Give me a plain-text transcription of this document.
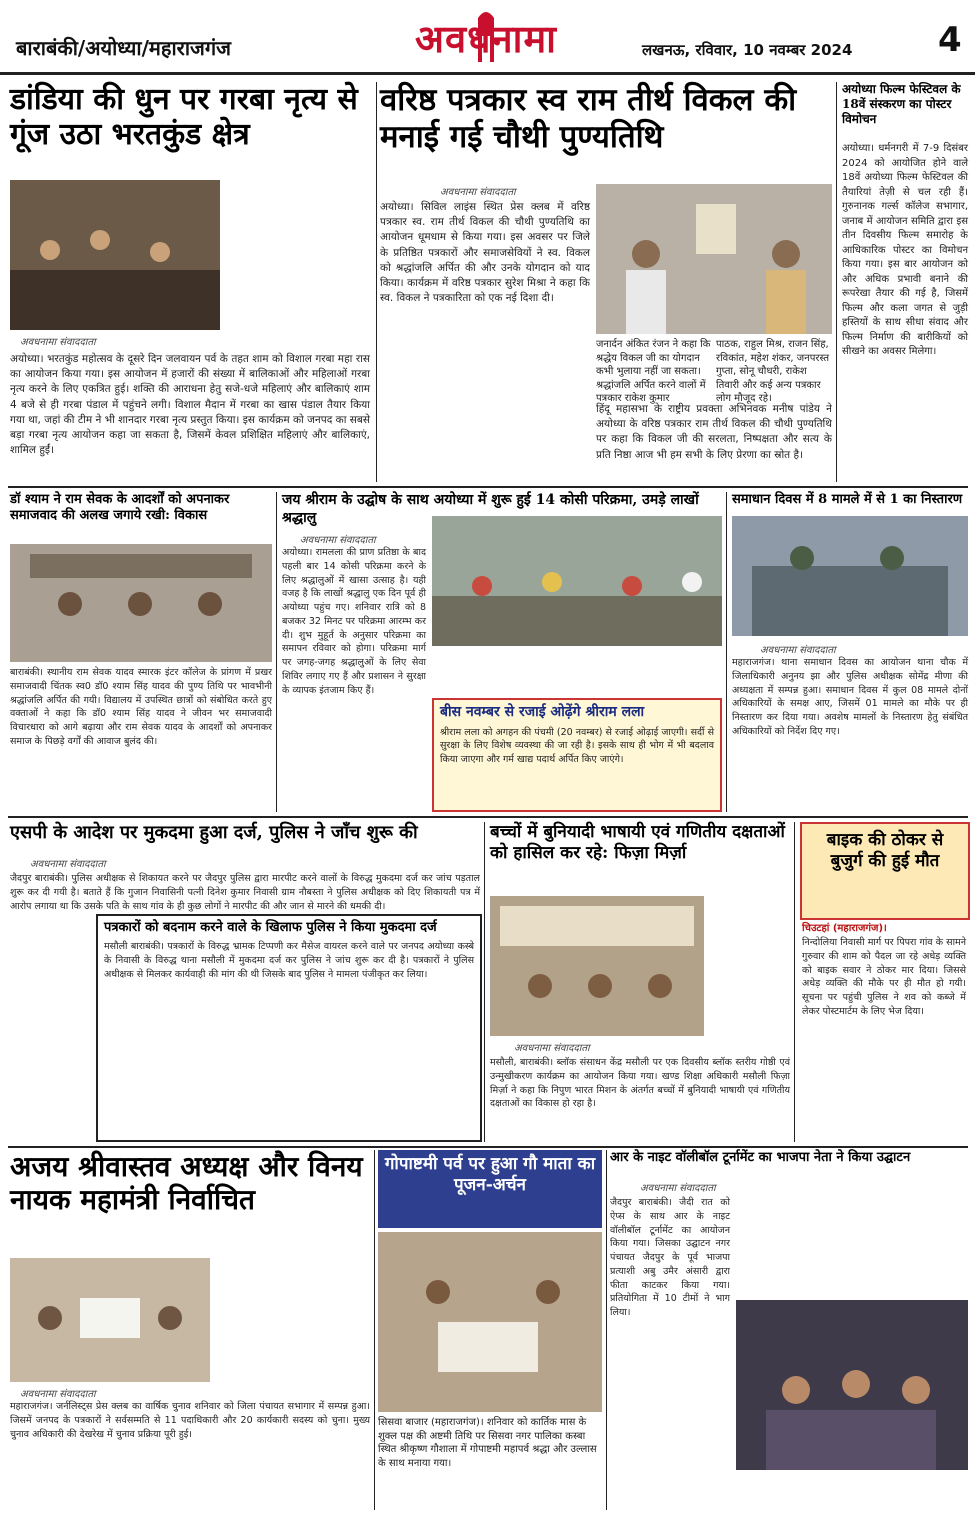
बाराबंकी/अयोध्या/महाराजगंज	अवधनामा	लखनऊ, रविवार, 10 नवम्बर 2024	4
डांडिया की धुन पर गरबा नृत्य से गूंज उठा भरतकुंड क्षेत्र
अवधनामा संवाददाता
अयोध्या। भरतकुंड महोत्सव के दूसरे दिन जलवायन पर्व के तहत शाम को विशाल गरबा महा रास का आयोजन किया गया। इस आयोजन में हजारों की संख्या में बालिकाओं और महिलाओं गरबा नृत्य करने के लिए एकत्रित हुई। शक्ति की आराधना हेतु सजे-धजे महिलाएं और बालिकाएं शाम 4 बजे से ही गरबा पंडाल में पहुंचने लगी। विशाल मैदान में गरबा का खास पंडाल तैयार किया गया था, जहां की टीम ने भी शानदार गरबा नृत्य प्रस्तुत किया। इस कार्यक्रम को जनपद का सबसे बड़ा गरबा नृत्य आयोजन कहा जा सकता है, जिसमें केवल प्रशिक्षित महिलाएं और बालिकाएं, शामिल हुईं।
वरिष्ठ पत्रकार स्व राम तीर्थ विकल की मनाई गई चौथी पुण्यतिथि
अवधनामा संवाददाता
अयोध्या। सिविल लाइंस स्थित प्रेस क्लब में वरिष्ठ पत्रकार स्व. राम तीर्थ विकल की चौथी पुण्यतिथि का आयोजन धूमधाम से किया गया। इस अवसर पर जिले के प्रतिष्ठित पत्रकारों और समाजसेवियों ने स्व. विकल को श्रद्धांजलि अर्पित की और उनके योगदान को याद किया। कार्यक्रम में वरिष्ठ पत्रकार सुरेश मिश्रा ने कहा कि स्व. विकल ने पत्रकारिता को एक नई दिशा दी।
जनार्दन अंकित रंजन ने कहा कि श्रद्धेय विकल जी का योगदान कभी भुलाया नहीं जा सकता। श्रद्धांजलि अर्पित करने वालों में पत्रकार राकेश कुमार
पाठक, राहुल मिश्र, राजन सिंह, रविकांत, महेश शंकर, जनपरस्त गुप्ता, सोनू चौधरी, राकेश तिवारी और कई अन्य पत्रकार लोग मौजूद रहे।
हिंदू महासभा के राष्ट्रीय प्रवक्ता अभिनवक मनीष पांडेय ने अयोध्या के वरिष्ठ पत्रकार राम तीर्थ विकल की चौथी पुण्यतिथि पर कहा कि विकल जी की सरलता, निष्पक्षता और सत्य के प्रति निष्ठा आज भी हम सभी के लिए प्रेरणा का स्रोत है।
अयोध्या फिल्म फेस्टिवल के 18वें संस्करण का पोस्टर विमोचन
अयोध्या। धर्मनगरी में 7-9 दिसंबर 2024 को आयोजित होने वाले 18वें अयोध्या फिल्म फेस्टिवल की तैयारियां तेज़ी से चल रही हैं। गुरुनानक गर्ल्स कॉलेज सभागार, जनाब में आयोजन समिति द्वारा इस तीन दिवसीय फिल्म समारोह के आधिकारिक पोस्टर का विमोचन किया गया। इस बार आयोजन को और अधिक प्रभावी बनाने की रूपरेखा तैयार की गई है, जिसमें फिल्म और कला जगत से जुड़ी हस्तियों के साथ सीधा संवाद और फिल्म निर्माण की बारीकियों को सीखने का अवसर मिलेगा।
डॉ श्याम ने राम सेवक के आदर्शों को अपनाकर समाजवाद की अलख जगाये रखी: विकास
बाराबंकी। स्थानीय राम सेवक यादव स्मारक इंटर कॉलेज के प्रांगण में प्रखर समाजवादी चिंतक स्व0 डॉ0 श्याम सिंह यादव की पुण्य तिथि पर भावभीनी श्रद्धांजलि अर्पित की गयी। विद्यालय में उपस्थित छात्रों को संबोधित करते हुए वक्ताओं ने कहा कि डॉ0 श्याम सिंह यादव ने जीवन भर समाजवादी विचारधारा को आगे बढ़ाया और राम सेवक यादव के आदर्शों को अपनाकर समाज के पिछड़े वर्गों की आवाज बुलंद की।
जय श्रीराम के उद्घोष के साथ अयोध्या में शुरू हुई 14 कोसी परिक्रमा, उमड़े लाखों श्रद्धालु
अवधनामा संवाददाता
अयोध्या। रामलला की प्राण प्रतिष्ठा के बाद पहली बार 14 कोसी परिक्रमा करने के लिए श्रद्धालुओं में खासा उत्साह है। यही वजह है कि लाखों श्रद्धालु एक दिन पूर्व ही अयोध्या पहुंच गए। शनिवार रात्रि को 8 बजकर 32 मिनट पर परिक्रमा आरम्भ कर दी। शुभ मुहूर्त के अनुसार परिक्रमा का समापन रविवार को होगा। परिक्रमा मार्ग पर जगह-जगह श्रद्धालुओं के लिए सेवा शिविर लगाए गए हैं और प्रशासन ने सुरक्षा के व्यापक इंतजाम किए हैं।
बीस नवम्बर से रजाई ओढ़ेंगे श्रीराम लला
श्रीराम लला को अगहन की पंचमी (20 नवम्बर) से रजाई ओढ़ाई जाएगी। सर्दी से सुरक्षा के लिए विशेष व्यवस्था की जा रही है। इसके साथ ही भोग में भी बदलाव किया जाएगा और गर्म खाद्य पदार्थ अर्पित किए जाएंगे।
समाधान दिवस में 8 मामले में से 1 का निस्तारण
अवधनामा संवाददाता
महाराजगंज। थाना समाधान दिवस का आयोजन थाना चौक में जिलाधिकारी अनुनय झा और पुलिस अधीक्षक सोमेंद्र मीणा की अध्यक्षता में सम्पन्न हुआ। समाधान दिवस में कुल 08 मामले दोनों अधिकारियों के समक्ष आए, जिसमें 01 मामले का मौके पर ही निस्तारण कर दिया गया। अवशेष मामलों के निस्तारण हेतु संबंधित अधिकारियों को निर्देश दिए गए।
एसपी के आदेश पर मुकदमा हुआ दर्ज, पुलिस ने जाँच शुरू की
अवधनामा संवाददाता
जैदपुर बाराबंकी। पुलिस अधीक्षक से शिकायत करने पर जैदपुर पुलिस द्वारा मारपीट करने वालों के विरुद्ध मुकदमा दर्ज कर जांच पड़ताल शुरू कर दी गयी है। बताते हैं कि गुजान निवासिनी पत्नी दिनेश कुमार निवासी ग्राम नौबस्ता ने पुलिस अधीक्षक को दिए शिकायती पत्र में आरोप लगाया था कि उसके पति के साथ गांव के ही कुछ लोगों ने मारपीट की और जान से मारने की धमकी दी।
पत्रकारों को बदनाम करने वाले के खिलाफ पुलिस ने किया मुकदमा दर्ज
मसौली बाराबंकी। पत्रकारों के विरुद्ध भ्रामक टिप्पणी कर मैसेज वायरल करने वाले पर जनपद अयोध्या कस्बे के निवासी के विरुद्ध थाना मसौली में मुकदमा दर्ज कर पुलिस ने जांच शुरू कर दी है। पत्रकारों ने पुलिस अधीक्षक से मिलकर कार्यवाही की मांग की थी जिसके बाद पुलिस ने मामला पंजीकृत कर लिया।
बच्चों में बुनियादी भाषायी एवं गणितीय दक्षताओं को हासिल कर रहे: फिज़ा मिर्ज़ा
अवधनामा संवाददाता
मसौली, बाराबंकी। ब्लॉक संसाधन केंद्र मसौली पर एक दिवसीय ब्लॉक स्तरीय गोष्ठी एवं उन्मुखीकरण कार्यक्रम का आयोजन किया गया। खण्ड शिक्षा अधिकारी मसौली फिज़ा मिर्ज़ा ने कहा कि निपुण भारत मिशन के अंतर्गत बच्चों में बुनियादी भाषायी एवं गणितीय दक्षताओं का विकास हो रहा है।
बाइक की ठोकर से बुजुर्ग की हुई मौत
चिउटहां (महाराजगंज)।
निन्दोलिया निवासी मार्ग पर पिपरा गांव के सामने गुरुवार की शाम को पैदल जा रहे अधेड़ व्यक्ति को बाइक सवार ने ठोकर मार दिया। जिससे अधेड़ व्यक्ति की मौके पर ही मौत हो गयी। सूचना पर पहुंची पुलिस ने शव को कब्जे में लेकर पोस्टमार्टम के लिए भेज दिया।
अजय श्रीवास्तव अध्यक्ष और विनय नायक महामंत्री निर्वाचित
अवधनामा संवाददाता
महाराजगंज। जर्नलिस्ट्स प्रेस क्लब का वार्षिक चुनाव शनिवार को जिला पंचायत सभागार में सम्पन्न हुआ। जिसमें जनपद के पत्रकारों ने सर्वसम्मति से 11 पदाधिकारी और 20 कार्यकारी सदस्य को चुना। मुख्य चुनाव अधिकारी की देखरेख में चुनाव प्रक्रिया पूरी हुई।
गोपाष्टमी पर्व पर हुआ गौ माता का पूजन-अर्चन
सिसवा बाजार (महाराजगंज)। शनिवार को कार्तिक मास के शुक्ल पक्ष की अष्टमी तिथि पर सिसवा नगर पालिका कस्बा स्थित श्रीकृष्ण गौशाला में गोपाष्टमी महापर्व श्रद्धा और उल्लास के साथ मनाया गया।
आर के नाइट वॉलीबॉल टूर्नामेंट का भाजपा नेता ने किया उद्घाटन
अवधनामा संवाददाता
जैदपुर बाराबंकी। जैदी रात को ऐप्स के साथ आर के नाइट वॉलीबॉल टूर्नामेंट का आयोजन किया गया। जिसका उद्घाटन नगर पंचायत जैदपुर के पूर्व भाजपा प्रत्याशी अबु उमैर अंसारी द्वारा फीता काटकर किया गया। प्रतियोगिता में 10 टीमों ने भाग लिया।
